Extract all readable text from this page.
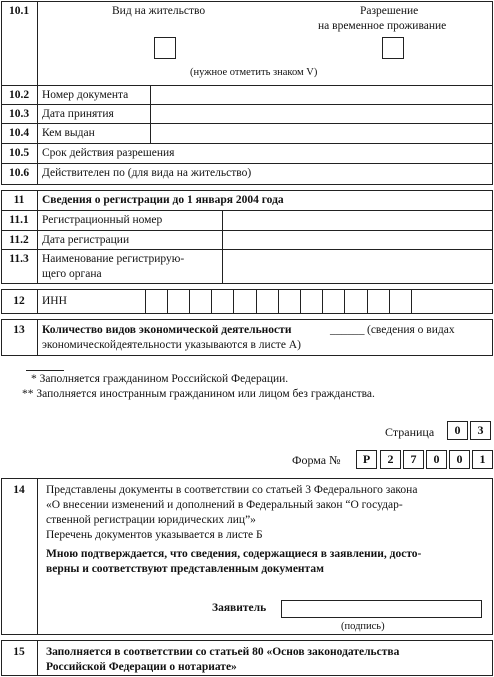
10.1	Вид на жительство	Разрешение
на временное проживание
(нужное отметить знаком V)
10.2	Номер документа
10.3	Дата принятия
10.4	Кем выдан
10.5	Срок действия разрешения
10.6	Действителен по (для вида на жительство)
11	Сведения о регистрации до 1 января 2004 года
11.1	Регистрационный номер
11.2	Дата регистрации
11.3	Наименование регистрирую-
щего органа
12	ИНН
13	Количество видов экономической деятельности	______ (сведения о видах
экономическойдеятельности указываются в листе А)
* Заполняется гражданином Российской Федерации.
** Заполняется иностранным гражданином или лицом без гражданства.
Страница	0	3
Форма №	Р	2	7	0	0	1
14	Представлены документы в соответствии со статьей 3 Федерального закона
«О внесении изменений и дополнений в Федеральный закон “О государ-
ственной регистрации юридических лиц”»
Перечень документов указывается в листе Б
Мною подтверждается, что сведения, содержащиеся в заявлении, досто-
верны и соответствуют представленным документам
Заявитель
(подпись)
15	Заполняется в соответствии со статьей 80 «Основ законодательства
Российской Федерации о нотариате»
